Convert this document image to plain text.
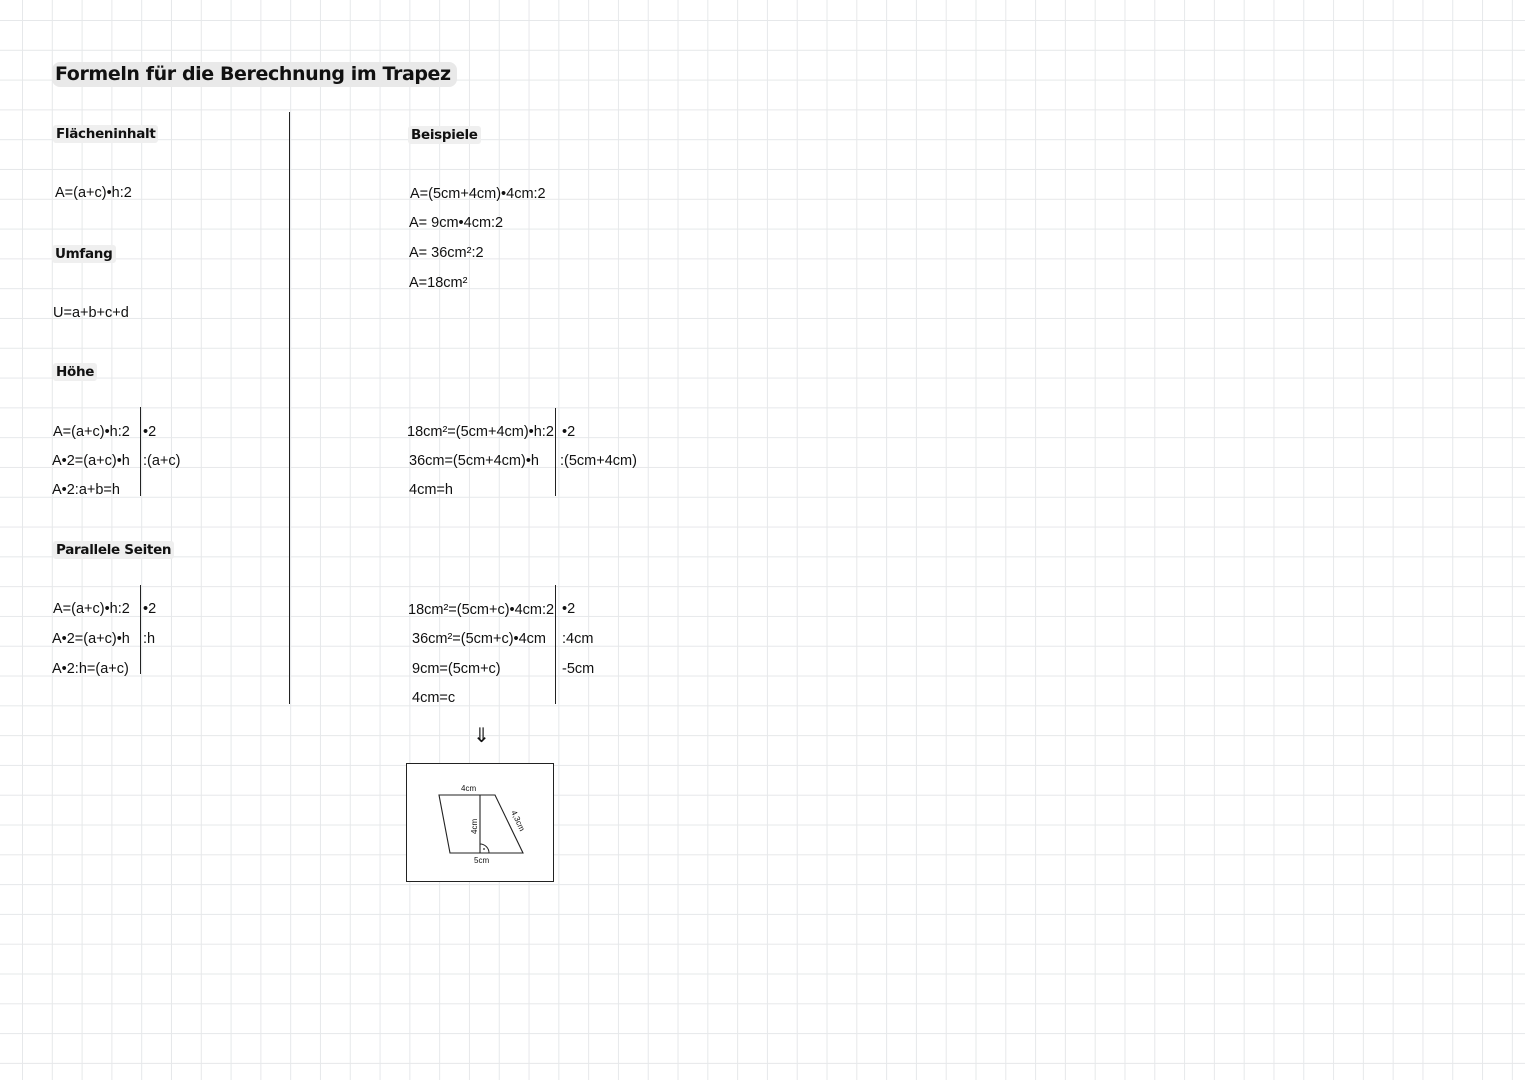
Formeln für die Berechnung im Trapez
Flächeninhalt
A=(a+c)•h:2
Umfang
U=a+b+c+d
Höhe
A=(a+c)•h:2
A•2=(a+c)•h
A•2:a+b=h
•2
:(a+c)
Parallele Seiten
A=(a+c)•h:2
A•2=(a+c)•h
A•2:h=(a+c)
•2
:h
Beispiele
A=(5cm+4cm)•4cm:2
A= 9cm•4cm:2
A= 36cm²:2
A=18cm²
18cm²=(5cm+4cm)•h:2
36cm=(5cm+4cm)•h
4cm=h
•2
:(5cm+4cm)
18cm²=(5cm+c)•4cm:2
36cm²=(5cm+c)•4cm
9cm=(5cm+c)
4cm=c
•2
:4cm
-5cm
⇓
4cm
4cm	4,3cm
5cm
